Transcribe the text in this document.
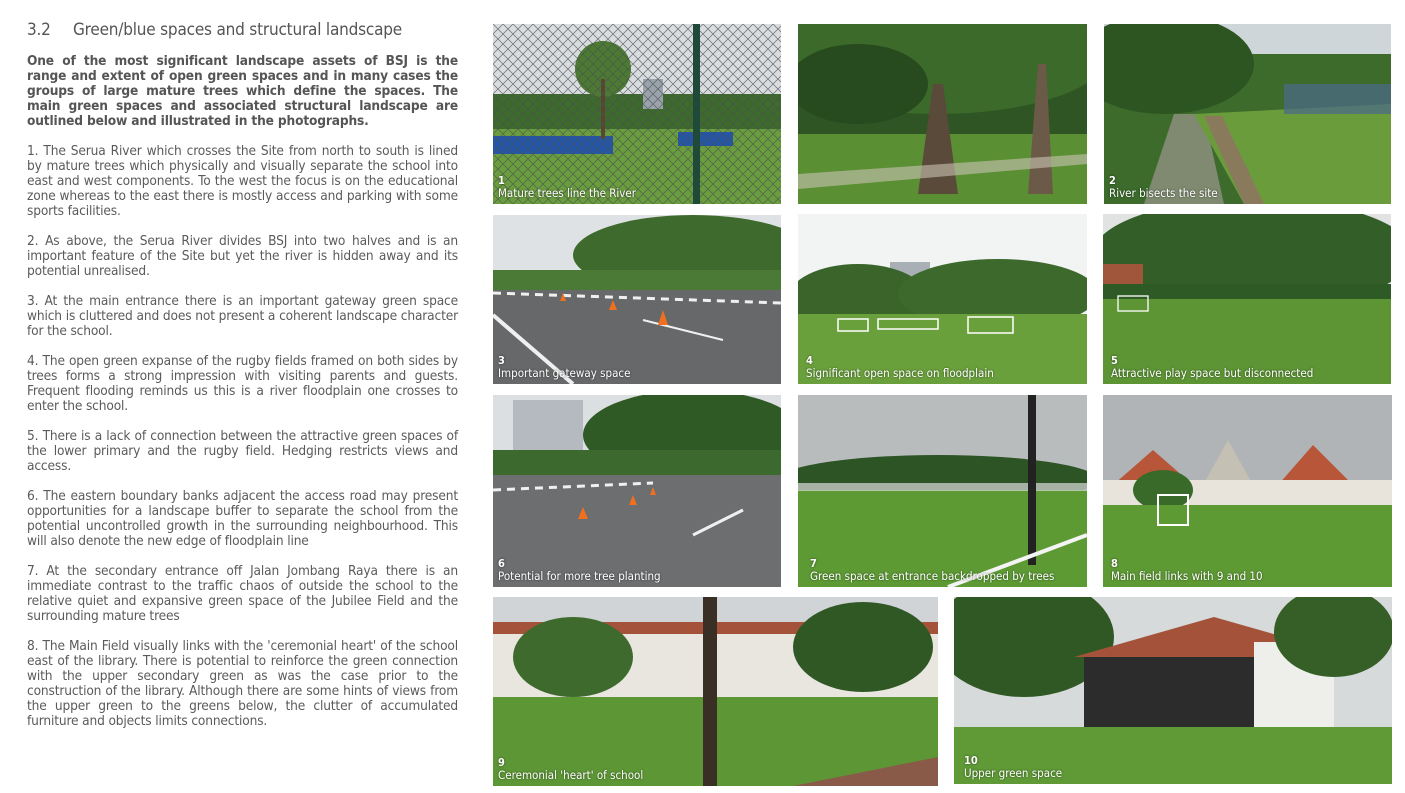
3.2 Green/blue spaces and structural landscape

One of the most significant landscape assets of BSJ is the range and extent of open green spaces and in many cases the groups of large mature trees which define the spaces. The main green spaces and associated structural landscape are outlined below and illustrated in the photographs.

1. The Serua River which crosses the Site from north to south is lined by mature trees which physically and visually separate the school into east and west components. To the west the focus is on the educational zone whereas to the east there is mostly access and parking with some sports facilities.

2. As above, the Serua River divides BSJ into two halves and is an important feature of the Site but yet the river is hidden away and its potential unrealised.

3. At the main entrance there is an important gateway green space which is cluttered and does not present a coherent landscape character for the school.

4. The open green expanse of the rugby fields framed on both sides by trees forms a strong impression with visiting parents and guests. Frequent flooding reminds us this is a river floodplain one crosses to enter the school.

5. There is a lack of connection between the attractive green spaces of the lower primary and the rugby field. Hedging restricts views and access.

6. The eastern boundary banks adjacent the access road may present opportunities for a landscape buffer to separate the school from the potential uncontrolled growth in the surrounding neighbourhood. This will also denote the new edge of floodplain line

7. At the secondary entrance off Jalan Jombang Raya there is an immediate contrast to the traffic chaos of outside the school to the relative quiet and expansive green space of the Jubilee Field and the surrounding mature trees

8. The Main Field visually links with the 'ceremonial heart' of the school east of the library. There is potential to reinforce the green connection with the upper secondary green as was the case prior to the construction of the library. Although there are some hints of views from the upper green to the greens below, the clutter of accumulated furniture and objects limits connections.

1
Mature trees line the River
2
River bisects the site
3
Important gateway space
4
Significant open space on floodplain
5
Attractive play space but disconnected
6
Potential for more tree planting
7
Green space at entrance backdropped by trees
8
Main field links with 9 and 10
9
Ceremonial 'heart' of school
10
Upper green space
